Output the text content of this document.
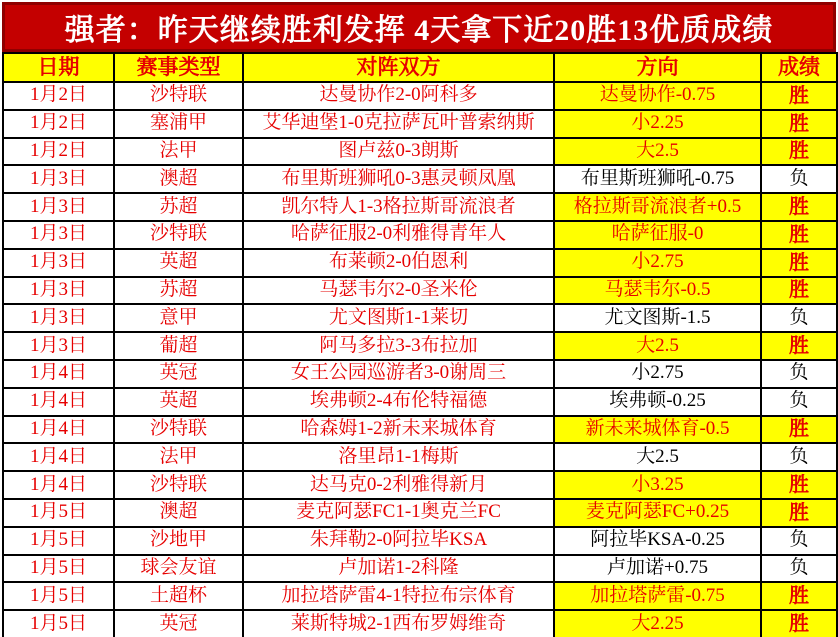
强者：昨天继续胜利发挥 4天拿下近20胜13优质成绩
日期	赛事类型	对阵双方	方向	成绩
1月2日	沙特联	达曼协作2-0阿科多	达曼协作-0.75	胜
1月2日	塞浦甲	艾华迪堡1-0克拉萨瓦叶普索纳斯	小2.25	胜
1月2日	法甲	图卢兹0-3朗斯	大2.5	胜
1月3日	澳超	布里斯班狮吼0-3惠灵顿凤凰	布里斯班狮吼-0.75	负
1月3日	苏超	凯尔特人1-3格拉斯哥流浪者	格拉斯哥流浪者+0.5	胜
1月3日	沙特联	哈萨征服2-0利雅得青年人	哈萨征服-0	胜
1月3日	英超	布莱顿2-0伯恩利	小2.75	胜
1月3日	苏超	马瑟韦尔2-0圣米伦	马瑟韦尔-0.5	胜
1月3日	意甲	尤文图斯1-1莱切	尤文图斯-1.5	负
1月3日	葡超	阿马多拉3-3布拉加	大2.5	胜
1月4日	英冠	女王公园巡游者3-0谢周三	小2.75	负
1月4日	英超	埃弗顿2-4布伦特福德	埃弗顿-0.25	负
1月4日	沙特联	哈森姆1-2新未来城体育	新未来城体育-0.5	胜
1月4日	法甲	洛里昂1-1梅斯	大2.5	负
1月4日	沙特联	达马克0-2利雅得新月	小3.25	胜
1月5日	澳超	麦克阿瑟FC1-1奥克兰FC	麦克阿瑟FC+0.25	胜
1月5日	沙地甲	朱拜勒2-0阿拉毕KSA	阿拉毕KSA-0.25	负
1月5日	球会友谊	卢加诺1-2科隆	卢加诺+0.75	负
1月5日	土超杯	加拉塔萨雷4-1特拉布宗体育	加拉塔萨雷-0.75	胜
1月5日	英冠	莱斯特城2-1西布罗姆维奇	大2.25	胜
